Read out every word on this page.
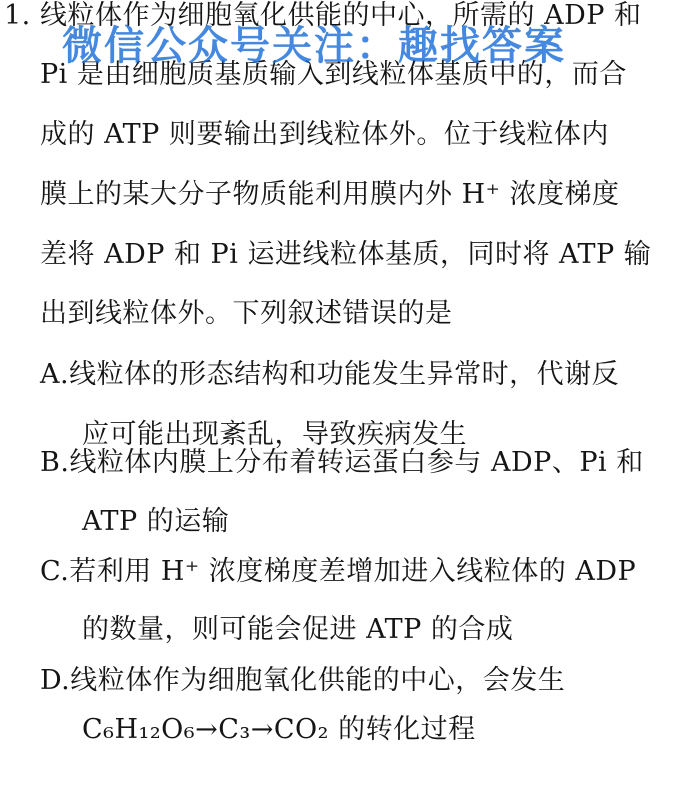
1. 线粒体作为细胞氧化供能的中心，所需的 ADP 和
Pi 是由细胞质基质输入到线粒体基质中的，而合
成的 ATP 则要输出到线粒体外。位于线粒体内
膜上的某大分子物质能利用膜内外 H⁺ 浓度梯度
差将 ADP 和 Pi 运进线粒体基质，同时将 ATP 输
出到线粒体外。下列叙述错误的是
A.线粒体的形态结构和功能发生异常时，代谢反
应可能出现紊乱，导致疾病发生
B.线粒体内膜上分布着转运蛋白参与 ADP、Pi 和
ATP 的运输
C.若利用 H⁺ 浓度梯度差增加进入线粒体的 ADP
的数量，则可能会促进 ATP 的合成
D.线粒体作为细胞氧化供能的中心，会发生
C₆H₁₂O₆→C₃→CO₂ 的转化过程
微信公众号关注：趣找答案
